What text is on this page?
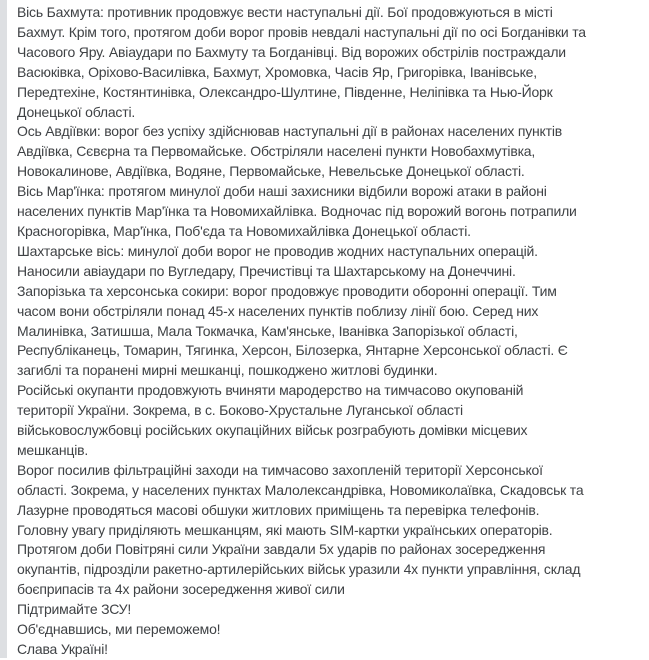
Вісь Бахмута: противник продовжує вести наступальні дії. Бої продовжуються в місті
Бахмут. Крім того, протягом доби ворог провів невдалі наступальні дії по осі Богданівки та
Часового Яру. Авіаудари по Бахмуту та Богданівці. Від ворожих обстрілів постраждали
Васюківка, Оріхово-Василівка, Бахмут, Хромовка, Часів Яр, Григорівка, Іванівське,
Передтехіне, Костянтинівка, Олександро-Шултине, Південне, Неліпівка та Нью-Йорк
Донецької області.
Ось Авдіївки: ворог без успіху здійснював наступальні дії в районах населених пунктів
Авдіївка, Сєвєрна та Первомайське. Обстріляли населені пункти Новобахмутівка,
Новокалинове, Авдіївка, Водяне, Первомайське, Невельське Донецької області.
Вісь Мар'їнка: протягом минулої доби наші захисники відбили ворожі атаки в районі
населених пунктів Мар'їнка та Новомихайлівка. Водночас під ворожий вогонь потрапили
Красногорівка, Мар'їнка, Поб'єда та Новомихайлівка Донецької області.
Шахтарське вісь: минулої доби ворог не проводив жодних наступальних операцій.
Наносили авіаудари по Вугледару, Пречистівці та Шахтарському на Донеччині.
Запорізька та херсонська сокири: ворог продовжує проводити оборонні операції. Тим
часом вони обстріляли понад 45-х населених пунктів поблизу лінії бою. Серед них
Малинівка, Затишша, Мала Токмачка, Кам'янське, Іванівка Запорізької області,
Республіканець, Томарин, Тягинка, Херсон, Білозерка, Янтарне Херсонської області. Є
загиблі та поранені мирні мешканці, пошкоджено житлові будинки.
Російські окупанти продовжують вчиняти мародерство на тимчасово окупованій
території України. Зокрема, в с. Боково-Хрустальне Луганської області
військовослужбовці російських окупаційних військ розграбують домівки місцевих
мешканців.
Ворог посилив фільтраційні заходи на тимчасово захопленій території Херсонської
області. Зокрема, у населених пунктах Малолександрівка, Новомиколаївка, Скадовськ та
Лазурне проводяться масові обшуки житлових приміщень та перевірка телефонів.
Головну увагу приділяють мешканцям, які мають SIM-картки українських операторів.
Протягом доби Повітряні сили України завдали 5х ударів по районах зосередження
окупантів, підрозділи ракетно-артилерійських військ уразили 4х пункти управління, склад
боєприпасів та 4х райони зосередження живої сили
Підтримайте ЗСУ!
Об'єднавшись, ми переможемо!
Слава Україні!
